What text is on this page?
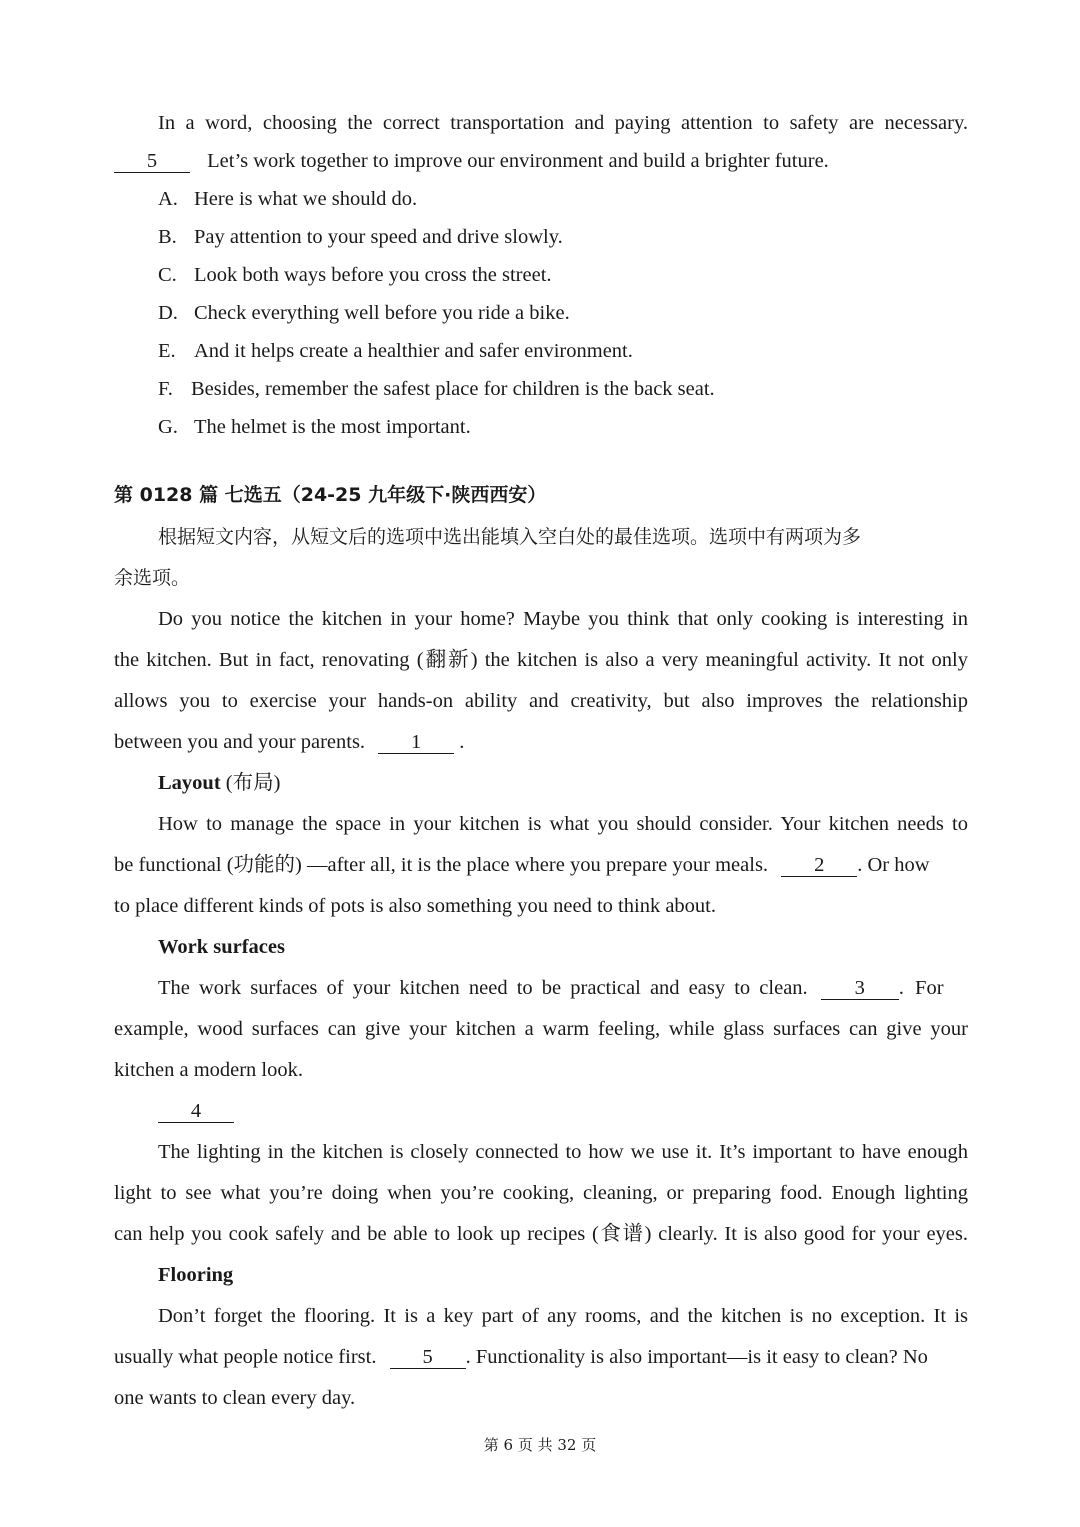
In a word, choosing the correct transportation and paying attention to safety are necessary.
5 Let’s work together to improve our environment and build a brighter future.
A. Here is what we should do.
B. Pay attention to your speed and drive slowly.
C. Look both ways before you cross the street.
D. Check everything well before you ride a bike.
E. And it helps create a healthier and safer environment.
F. Besides, remember the safest place for children is the back seat.
G. The helmet is the most important.
第 0128 篇 七选五（24-25 九年级下·陕西西安）
根据短文内容，从短文后的选项中选出能填入空白处的最佳选项。选项中有两项为多
余选项。
Do you notice the kitchen in your home? Maybe you think that only cooking is interesting in
the kitchen. But in fact, renovating (翻新) the kitchen is also a very meaningful activity. It not only
allows you to exercise your hands-on ability and creativity, but also improves the relationship
between you and your parents. 1 .
Layout (布局)
How to manage the space in your kitchen is what you should consider. Your kitchen needs to
be functional (功能的) —after all, it is the place where you prepare your meals. 2 . Or how
to place different kinds of pots is also something you need to think about.
Work surfaces
The work surfaces of your kitchen need to be practical and easy to clean. 3 . For
example, wood surfaces can give your kitchen a warm feeling, while glass surfaces can give your
kitchen a modern look.
4
The lighting in the kitchen is closely connected to how we use it. It’s important to have enough
light to see what you’re doing when you’re cooking, cleaning, or preparing food. Enough lighting
can help you cook safely and be able to look up recipes (食谱) clearly. It is also good for your eyes.
Flooring
Don’t forget the flooring. It is a key part of any rooms, and the kitchen is no exception. It is
usually what people notice first. 5 . Functionality is also important—is it easy to clean? No
one wants to clean every day.
第 6 页 共 32 页
